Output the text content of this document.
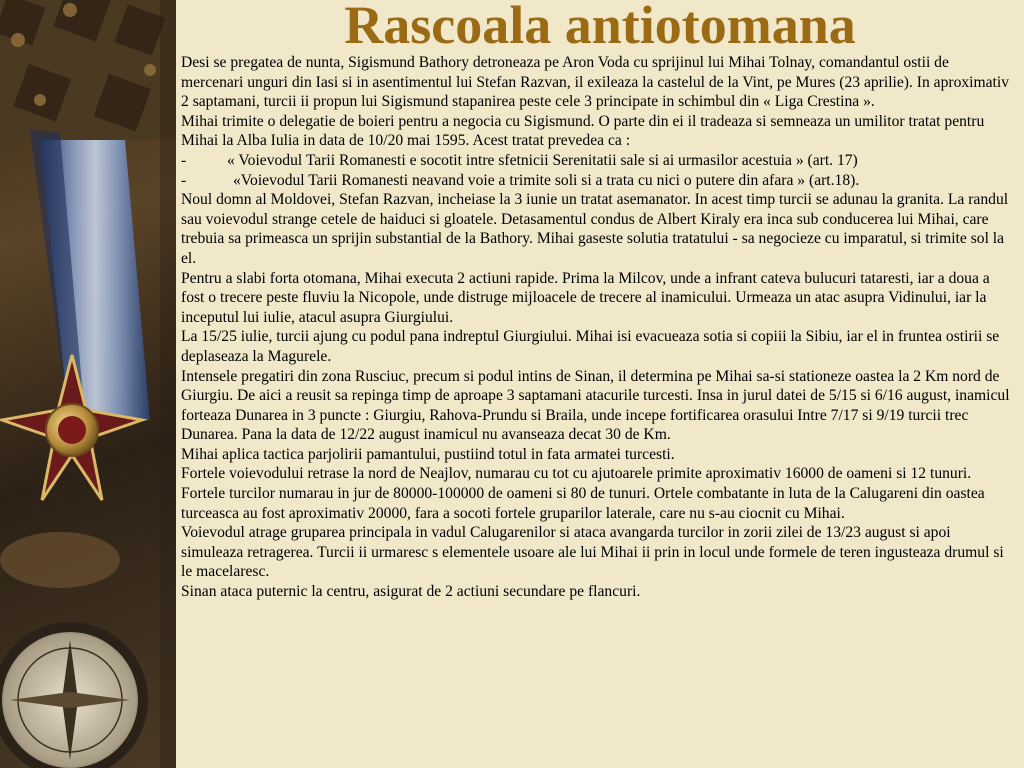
Rascoala antiotomana

Desi se pregatea de nunta, Sigismund Bathory detroneaza pe Aron Voda cu sprijinul lui Mihai Tolnay, comandantul ostii de mercenari unguri din Iasi si in asentimentul lui Stefan Razvan, il exileaza la castelul de la Vint, pe Mures (23 aprilie). In aproximativ 2 saptamani, turcii ii propun lui Sigismund stapanirea peste cele 3 principate in schimbul din « Liga Crestina ».

Mihai trimite o delegatie de boieri pentru a negocia cu Sigismund. O parte din ei il tradeaza si semneaza un umilitor tratat pentru Mihai la Alba Iulia in data de 10/20 mai 1595. Acest tratat prevedea ca :

-	« Voievodul Tarii Romanesti e socotit intre sfetnicii Serenitatii sale si ai urmasilor acestuia » (art. 17)
-	«Voievodul Tarii Romanesti neavand voie a trimite soli si a trata cu nici o putere din afara » (art.18).

Noul domn al Moldovei, Stefan Razvan, incheiase la 3 iunie un tratat asemanator. In acest timp turcii se adunau la granita. La randul sau voievodul strange cetele de haiduci si gloatele. Detasamentul condus de Albert Kiraly era inca sub conducerea lui Mihai, care trebuia sa primeasca un sprijin substantial de la Bathory. Mihai gaseste solutia tratatului - sa negocieze cu imparatul, si trimite sol la el.

Pentru a slabi forta otomana, Mihai executa 2 actiuni rapide. Prima la Milcov, unde a infrant cateva bulucuri tataresti, iar a doua a fost o trecere peste fluviu la Nicopole, unde distruge mijloacele de trecere al inamicului. Urmeaza un atac asupra Vidinului, iar la inceputul lui iulie, atacul asupra Giurgiului.

La 15/25 iulie, turcii ajung cu podul pana indreptul Giurgiului. Mihai isi evacueaza sotia si copiii la Sibiu, iar el in fruntea ostirii se deplaseaza la Magurele.

Intensele pregatiri din zona Rusciuc, precum si podul intins de Sinan, il determina pe Mihai sa-si stationeze oastea la 2 Km nord de Giurgiu. De aici a reusit sa repinga timp de aproape 3 saptamani atacurile turcesti. Insa in jurul datei de 5/15 si 6/16 august, inamicul forteaza Dunarea in 3 puncte : Giurgiu, Rahova-Prundu si Braila, unde incepe fortificarea orasului Intre 7/17 si 9/19 turcii trec Dunarea. Pana la data de 12/22 august inamicul nu avanseaza decat 30 de Km.

Mihai aplica tactica parjolirii pamantului, pustiind totul in fata armatei turcesti.

Fortele voievodului retrase la nord de Neajlov, numarau cu tot cu ajutoarele primite aproximativ 16000 de oameni si 12 tunuri.

Fortele turcilor numarau in jur de 80000-100000 de oameni si 80 de tunuri. Ortele combatante in luta de la Calugareni din oastea turceasca au fost aproximativ 20000, fara a socoti fortele gruparilor laterale, care nu s-au ciocnit cu Mihai.

Voievodul atrage gruparea principala in vadul Calugarenilor si ataca avangarda turcilor in zorii zilei de 13/23 august si apoi simuleaza retragerea. Turcii ii urmaresc s elementele usoare ale lui Mihai ii prin in locul unde formele de teren ingusteaza drumul si le macelaresc.

Sinan ataca puternic la centru, asigurat de 2 actiuni secundare pe flancuri.
